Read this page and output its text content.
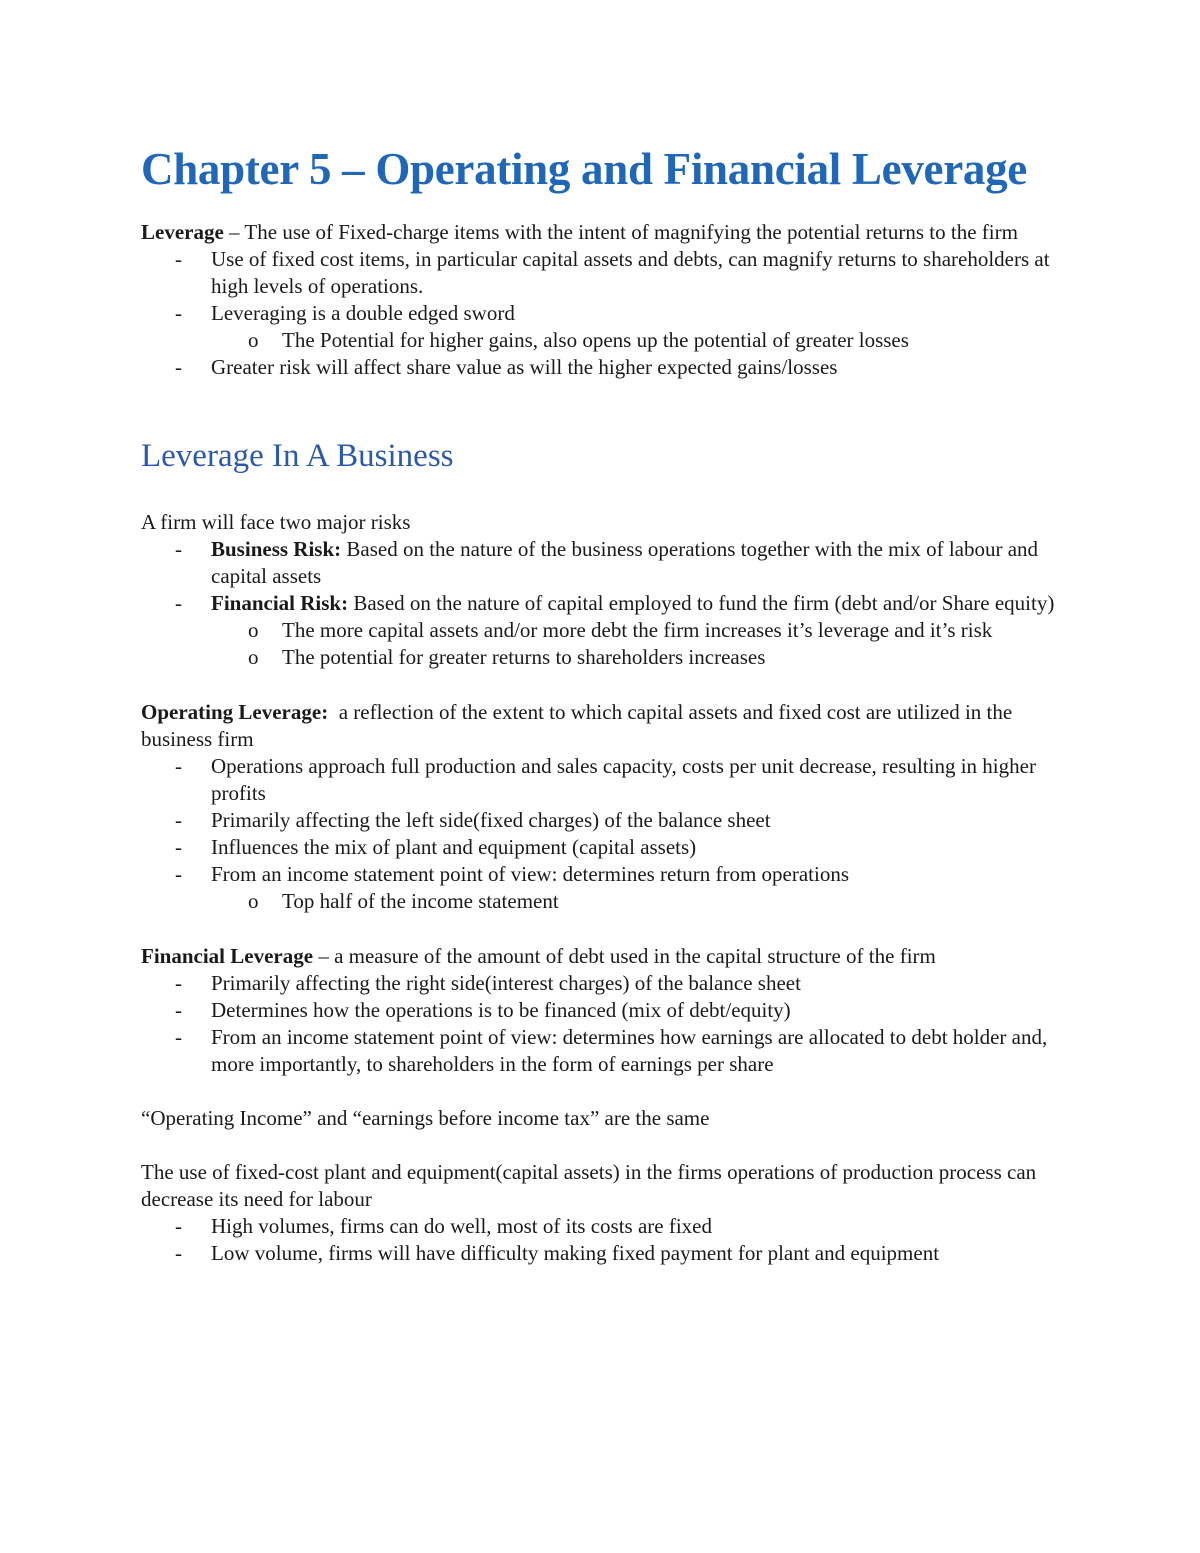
Chapter 5 – Operating and Financial Leverage

Leverage – The use of Fixed-charge items with the intent of magnifying the potential returns to the firm

- Use of fixed cost items, in particular capital assets and debts, can magnify returns to shareholders at high levels of operations.
- Leveraging is a double edged sword
o The Potential for higher gains, also opens up the potential of greater losses
- Greater risk will affect share value as will the higher expected gains/losses
Leverage In A Business

A firm will face two major risks

- Business Risk: Based on the nature of the business operations together with the mix of labour and capital assets
- Financial Risk: Based on the nature of capital employed to fund the firm (debt and/or Share equity)
o The more capital assets and/or more debt the firm increases it’s leverage and it’s risk
o The potential for greater returns to shareholders increases

Operating Leverage:  a reflection of the extent to which capital assets and fixed cost are utilized in the business firm

- Operations approach full production and sales capacity, costs per unit decrease, resulting in higher profits
- Primarily affecting the left side(fixed charges) of the balance sheet
- Influences the mix of plant and equipment (capital assets)
- From an income statement point of view: determines return from operations
o Top half of the income statement

Financial Leverage – a measure of the amount of debt used in the capital structure of the firm

- Primarily affecting the right side(interest charges) of the balance sheet
- Determines how the operations is to be financed (mix of debt/equity)
- From an income statement point of view: determines how earnings are allocated to debt holder and, more importantly, to shareholders in the form of earnings per share

“Operating Income” and “earnings before income tax” are the same

The use of fixed-cost plant and equipment(capital assets) in the firms operations of production process can decrease its need for labour

- High volumes, firms can do well, most of its costs are fixed
- Low volume, firms will have difficulty making fixed payment for plant and equipment
